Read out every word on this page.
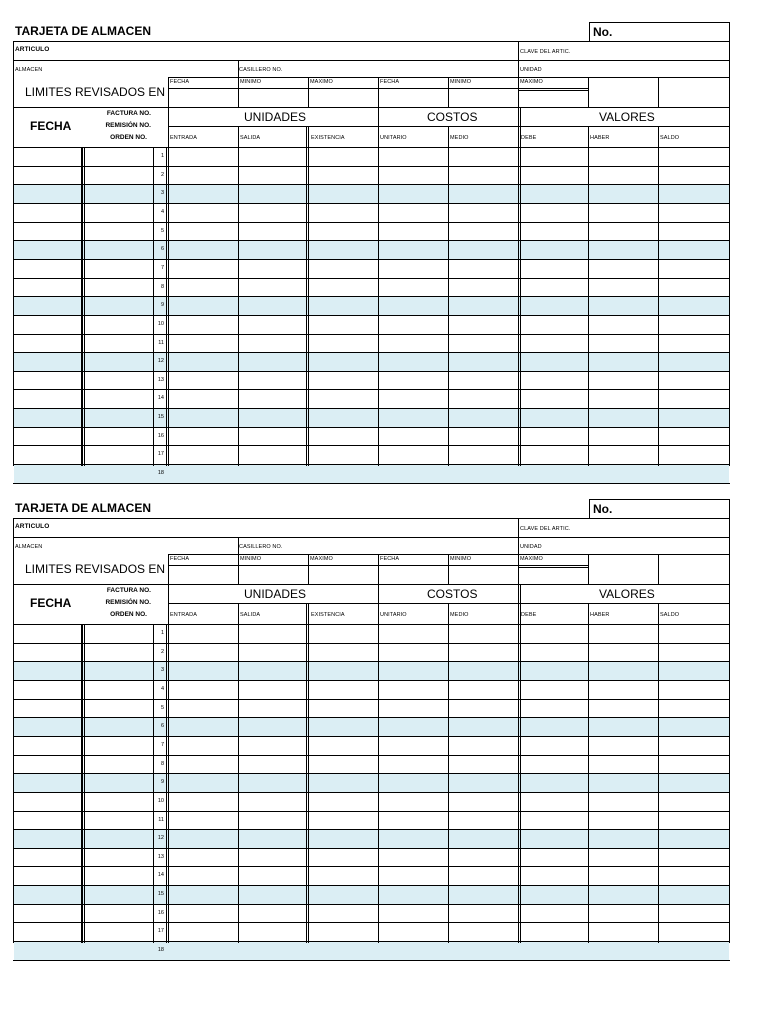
TARJETA DE ALMACEN	No.
ARTICULO	CLAVE DEL ARTIC.
ALMACEN	CASILLERO NO.	UNIDAD
LIMITES REVISADOS EN
FECHA	MINIMO	MAXIMO	FECHA	MINIMO	MAXIMO
FECHA
FACTURA NO.
REMISIÓN NO.
ORDEN NO.
UNIDADES	COSTOS	VALORES
ENTRADA	SALIDA	EXISTENCIA	UNITARIO	MEDIO	DEBE	HABER	SALDO
1
2
3
4
5
6
7
8
9
10
11
12
13
14
15
16
17
18
TARJETA DE ALMACEN	No.
ARTICULO	CLAVE DEL ARTIC.
ALMACEN	CASILLERO NO.	UNIDAD
LIMITES REVISADOS EN
FECHA	MINIMO	MAXIMO	FECHA	MINIMO	MAXIMO
FECHA
FACTURA NO.
REMISIÓN NO.
ORDEN NO.
UNIDADES	COSTOS	VALORES
ENTRADA	SALIDA	EXISTENCIA	UNITARIO	MEDIO	DEBE	HABER	SALDO
1
2
3
4
5
6
7
8
9
10
11
12
13
14
15
16
17
18
